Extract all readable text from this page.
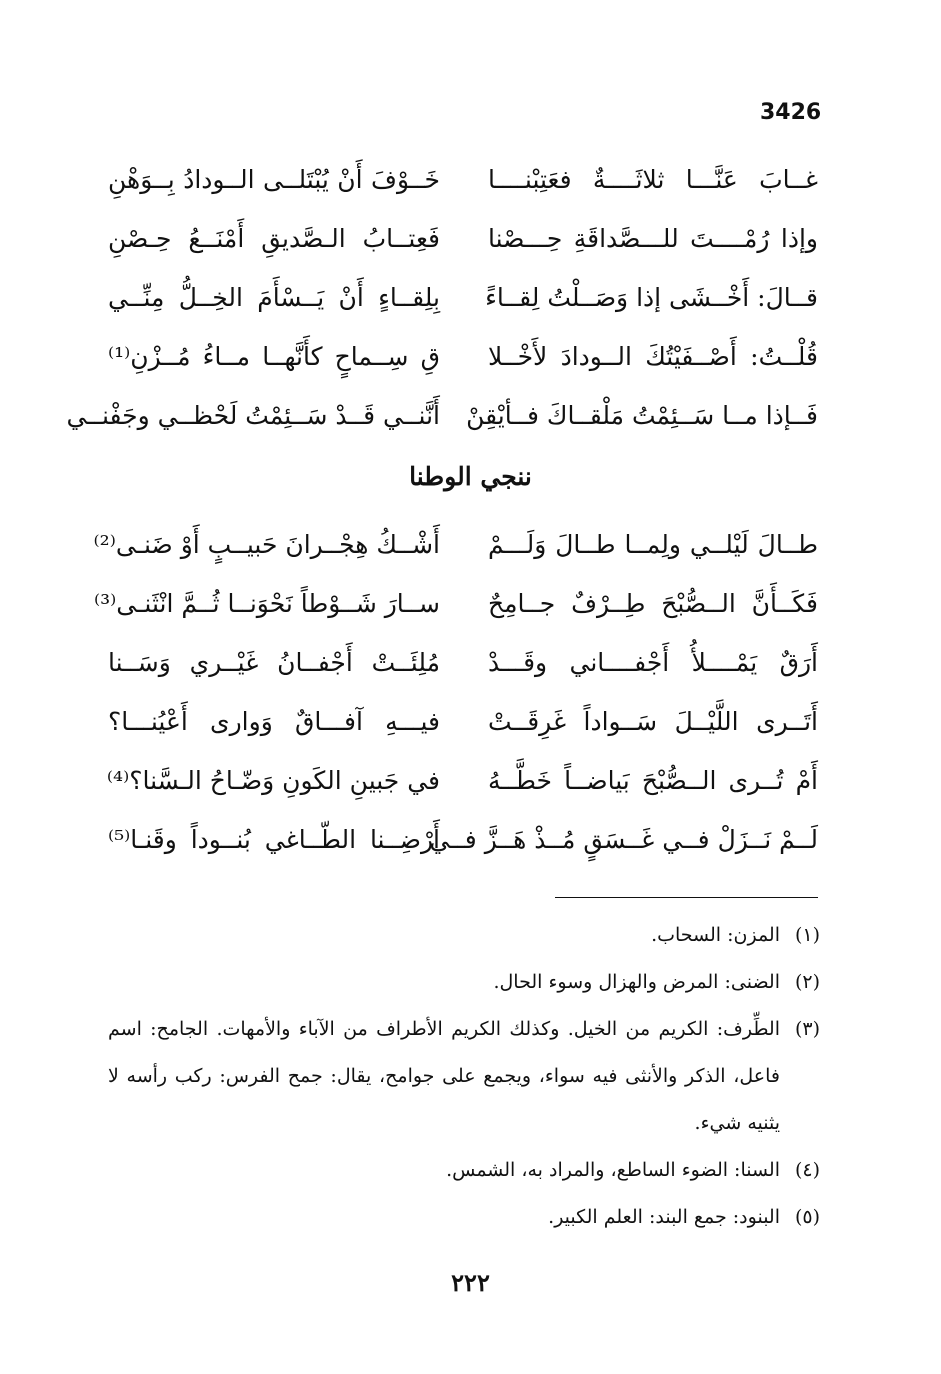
3426
غــابَ عَنَّـــا ثلاثَــــةٌ فعَتِبْنــــا
خَــوْفَ أَنْ يُبْتَلــى الــودادُ بِــوَهْنِ
وإذا رُمْــــتَ للـــصَّداقَةِ حِـــصْنا
فَعِتــابُ الـصَّديقِ أَمْنَــعُ حِـصْنِ
قــالَ: أَخْــشَى إذا وَصَــلْتُ لِقــاءً
بِلِقــاءٍ أَنْ يَــسْأَمَ الخِــلُّ مِنِّــي
قُلْــتُ: أَصْــفَيْتُكَ الــودادَ لأَخْــلا
قِ سِــماحٍ كأَنَّهــا مــاءُ مُــزْنِ⁽¹⁾
فَــإذا مــا سَــئِمْتُ مَلْقــاكَ فــأيْقِنْ
أَنَّنــي قَــدْ سَــئِمْتُ لَحْظــي وجَفْنــي
ننجي الوطنا
طــالَ لَيْلــي ولِمــا طــالَ وَلَـــمْ
أَشْــكُ هِجْــرانَ حَبيــبٍ أَوْ ضَنـى⁽²⁾
فَكَــأَنَّ الــصُّبْحَ طِــرْفٌ جــامِحٌ
ســارَ شَــوْطاً نَحْوَنــا ثُــمَّ انْثَنـى⁽³⁾
أَرَقٌ يَمْــــلأُ أَجْفــــاني وقَـــدْ
مُلِئَــتْ أَجْفــانُ غَيْــري وَسَــنا
أَتَــرى اللَّيْــلَ سَــواداً غَرِقَــتْ
فيـــهِ آفـــاقٌ وَوارى أَعْيُنـــا؟
أَمْ تُــرى الــصُّبْحَ بَياضــاً خَطَّــهُ
في جَبينِ الكَونِ وَضّـاحُ الـسَّنا؟⁽⁴⁾
لَــمْ نَــزَلْ فــي غَــسَقٍ مُــذْ هَــزَّ فــي
أَرْضِــنا الطّــاغي بُنــوداً وقَنـا⁽⁵⁾
(١)
المزن: السحاب.
(٢)
الضنى: المرض والهزال وسوء الحال.
(٣)
الطِّرف: الكريم من الخيل. وكذلك الكريم الأطراف من الآباء والأمهات. الجامح: اسم فاعل، الذكر والأنثى فيه سواء، ويجمع على جوامح، يقال: جمح الفرس: ركب رأسه لا يثنيه شيء.
(٤)
السنا: الضوء الساطع، والمراد به، الشمس.
(٥)
البنود: جمع البند: العلم الكبير.
٢٢٢
